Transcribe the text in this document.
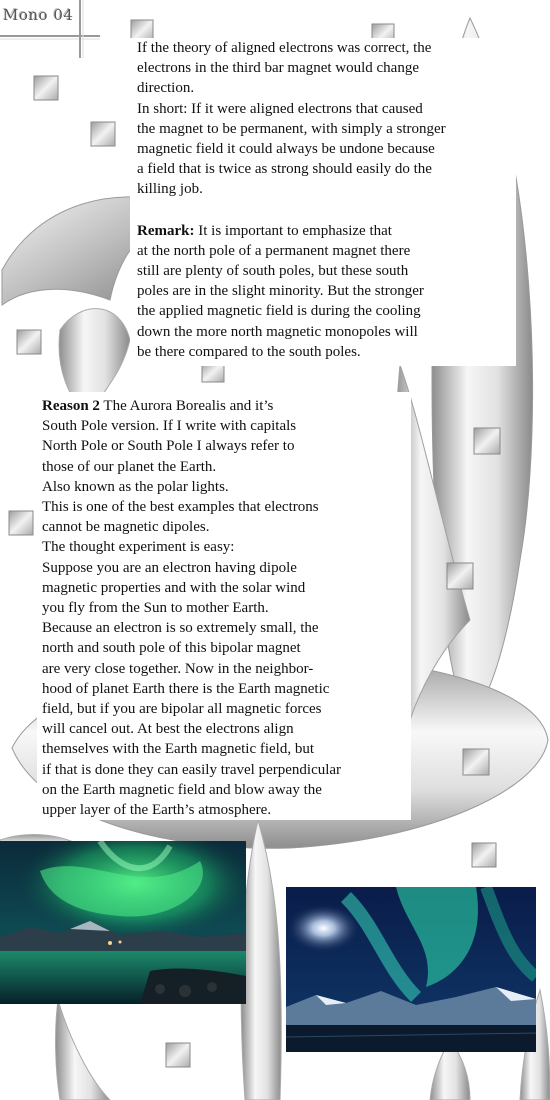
Mono 04

If the theory of aligned electrons was correct, the

electrons in the third bar magnet would change

direction.

In short: If it were aligned electrons that caused

the magnet to be permanent, with simply a stronger

magnetic field it could always be undone because

a field that is twice as strong should easily do the

killing job.

Remark: It is important to emphasize that

at the north pole of a permanent magnet there

still are plenty of south poles, but these south

poles are in the slight minority. But the stronger

the applied magnetic field is during the cooling

down the more north magnetic monopoles will

be there compared to the south poles.

Reason 2 The Aurora Borealis and it’s

South Pole version. If I write with capitals

North Pole or South Pole I always refer to

those of our planet the Earth.

Also known as the polar lights.

This is one of the best examples that electrons

cannot be magnetic dipoles.

The thought experiment is easy:

Suppose you are an electron having dipole

magnetic properties and with the solar wind

you fly from the Sun to mother Earth.

Because an electron is so extremely small, the

north and south pole of this bipolar magnet

are very close together. Now in the neighbor-

hood of planet Earth there is the Earth magnetic

field, but if you are bipolar all magnetic forces

will cancel out. At best the electrons align

themselves with the Earth magnetic field, but

if that is done they can easily travel perpendicular

on the Earth magnetic field and blow away the

upper layer of the Earth’s atmosphere.
